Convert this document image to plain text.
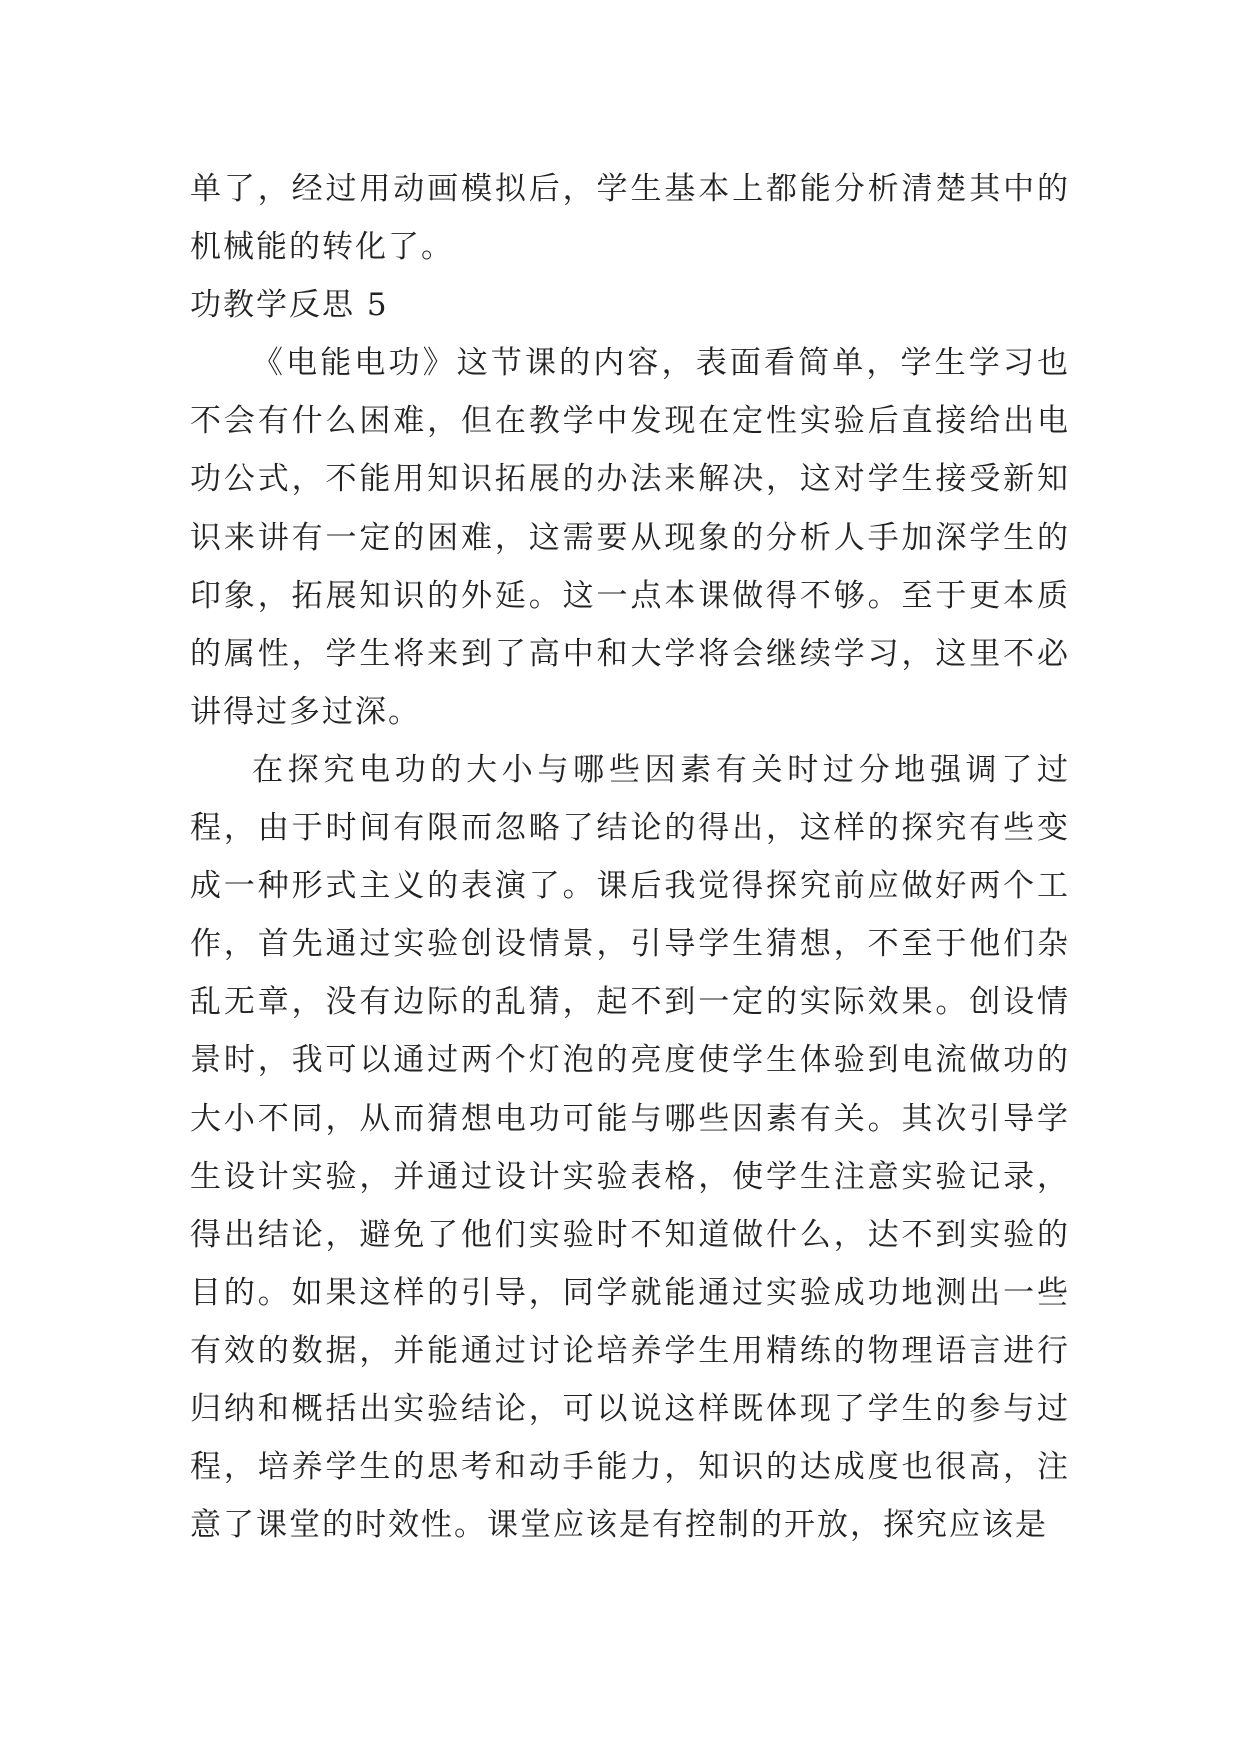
单了，经过用动画模拟后，学生基本上都能分析清楚其中的机械能的转化了。

功教学反思 5

《电能电功》这节课的内容，表面看简单，学生学习也不会有什么困难，但在教学中发现在定性实验后直接给出电功公式，不能用知识拓展的办法来解决，这对学生接受新知识来讲有一定的困难，这需要从现象的分析人手加深学生的印象，拓展知识的外延。这一点本课做得不够。至于更本质的属性，学生将来到了高中和大学将会继续学习，这里不必讲得过多过深。

在探究电功的大小与哪些因素有关时过分地强调了过程，由于时间有限而忽略了结论的得出，这样的探究有些变成一种形式主义的表演了。课后我觉得探究前应做好两个工作，首先通过实验创设情景，引导学生猜想，不至于他们杂乱无章，没有边际的乱猜，起不到一定的实际效果。创设情景时，我可以通过两个灯泡的亮度使学生体验到电流做功的大小不同，从而猜想电功可能与哪些因素有关。其次引导学生设计实验，并通过设计实验表格，使学生注意实验记录，得出结论，避免了他们实验时不知道做什么，达不到实验的目的。如果这样的引导，同学就能通过实验成功地测出一些有效的数据，并能通过讨论培养学生用精练的物理语言进行归纳和概括出实验结论，可以说这样既体现了学生的参与过程，培养学生的思考和动手能力，知识的达成度也很高，注意了课堂的时效性。课堂应该是有控制的开放，探究应该是
